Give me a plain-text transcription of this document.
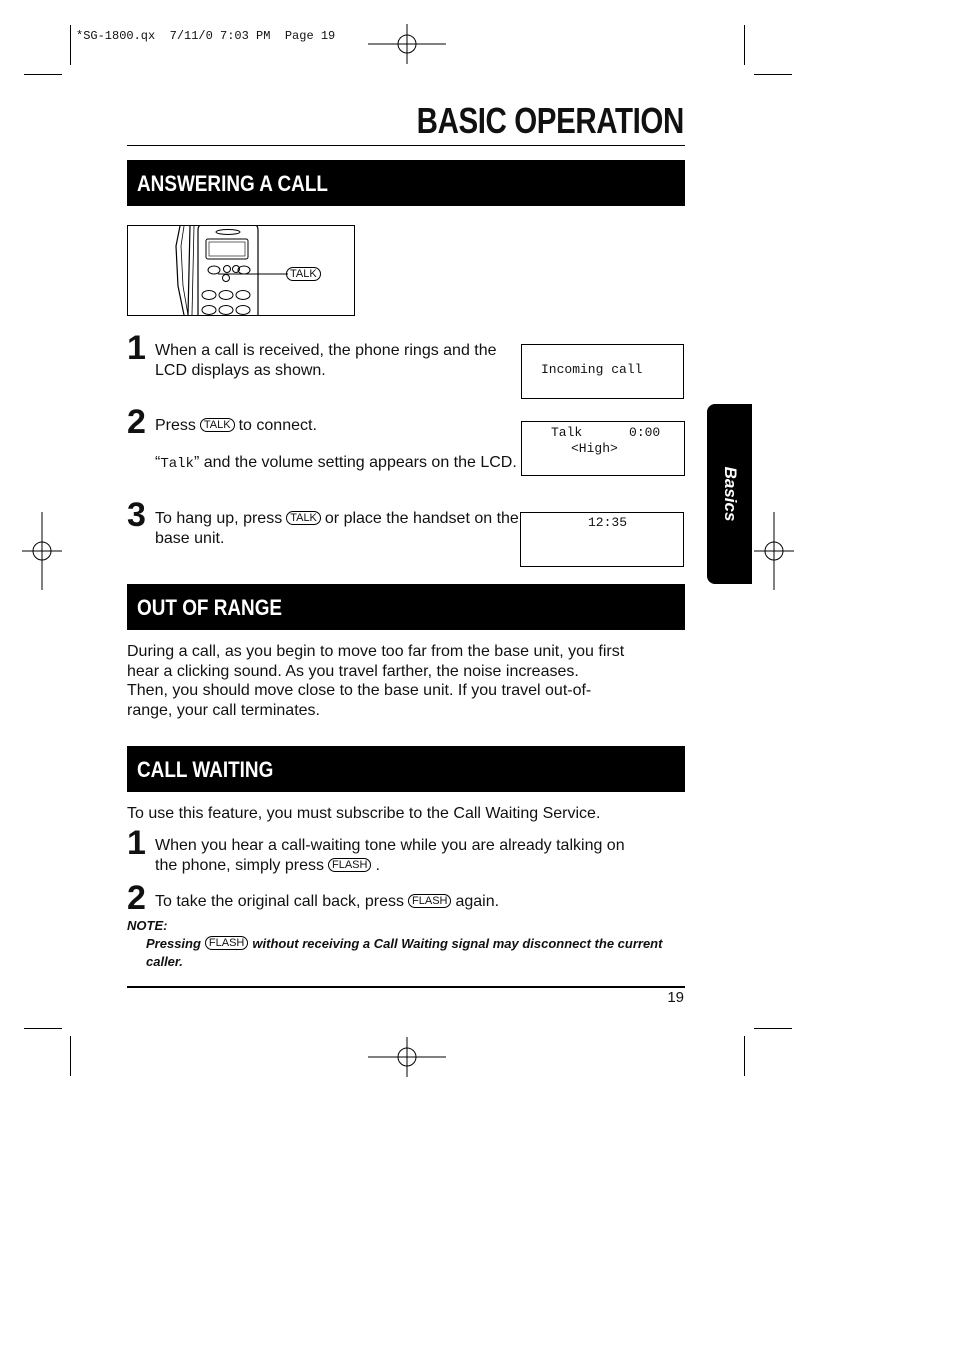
*SG-1800.qx  7/11/0 7:03 PM  Page 19
BASIC OPERATION
Basics
ANSWERING A CALL
TALK
1 When a call is received, the phone rings and the LCD displays as shown.

	Incoming call

2 Press TALK to connect.
“Talk” and the volume setting appears on the LCD.

Talk      0:00

<High>

3 To hang up, press TALK or place the handset on the base unit.

12:35

OUT OF RANGE
During a call, as you begin to move too far from the base unit, you first
hear a clicking sound. As you travel farther, the noise increases.
Then, you should move close to the base unit. If you travel out-of-
range, your call terminates.
CALL WAITING
To use this feature, you must subscribe to the Call Waiting Service.
1 When you hear a call-waiting tone while you are already talking on
the phone, simply press FLASH .
2 To take the original call back, press FLASH again.
NOTE:
Pressing FLASH without receiving a Call Waiting signal may disconnect the current caller.
19
